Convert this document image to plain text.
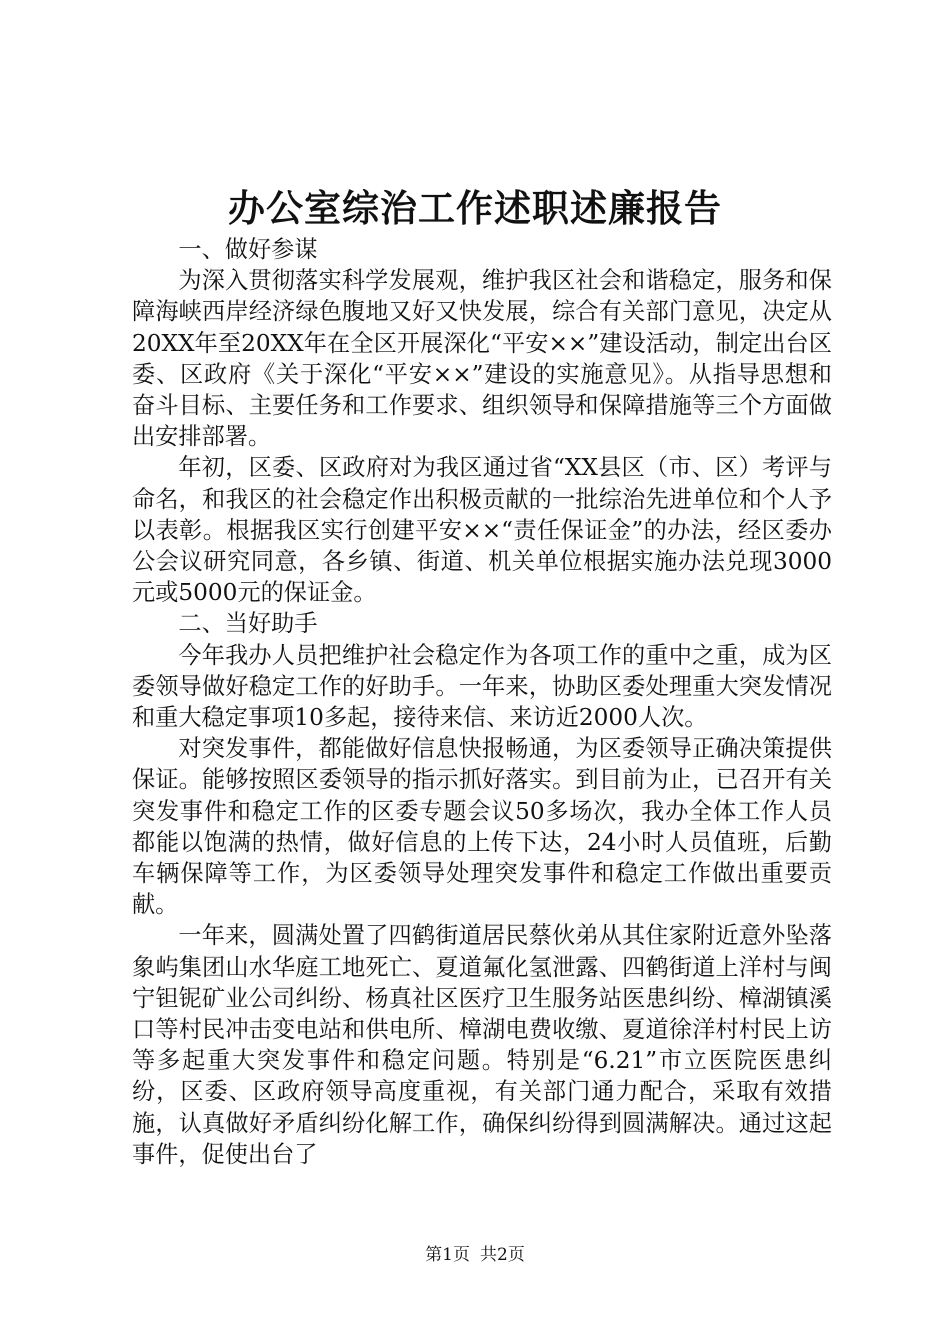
办公室综治工作述职述廉报告

一、做好参谋

为深入贯彻落实科学发展观，维护我区社会和谐稳定，服务和保障海峡西岸经济绿色腹地又好又快发展，综合有关部门意见，决定从20XX年至20XX年在全区开展深化“平安××”建设活动，制定出台区委、区政府《关于深化“平安××”建设的实施意见》。从指导思想和奋斗目标、主要任务和工作要求、组织领导和保障措施等三个方面做出安排部署。

年初，区委、区政府对为我区通过省“XX县区（市、区）考评与命名，和我区的社会稳定作出积极贡献的一批综治先进单位和个人予以表彰。根据我区实行创建平安××“责任保证金”的办法，经区委办公会议研究同意，各乡镇、街道、机关单位根据实施办法兑现3000元或5000元的保证金。

二、当好助手

今年我办人员把维护社会稳定作为各项工作的重中之重，成为区委领导做好稳定工作的好助手。一年来，协助区委处理重大突发情况和重大稳定事项10多起，接待来信、来访近2000人次。

对突发事件，都能做好信息快报畅通，为区委领导正确决策提供保证。能够按照区委领导的指示抓好落实。到目前为止，已召开有关突发事件和稳定工作的区委专题会议50多场次，我办全体工作人员都能以饱满的热情，做好信息的上传下达，24小时人员值班，后勤车辆保障等工作，为区委领导处理突发事件和稳定工作做出重要贡献。

一年来，圆满处置了四鹤街道居民蔡伙弟从其住家附近意外坠落象屿集团山水华庭工地死亡、夏道氟化氢泄露、四鹤街道上洋村与闽宁钽铌矿业公司纠纷、杨真社区医疗卫生服务站医患纠纷、樟湖镇溪口等村民冲击变电站和供电所、樟湖电费收缴、夏道徐洋村村民上访等多起重大突发事件和稳定问题。特别是“6.21”市立医院医患纠纷，区委、区政府领导高度重视，有关部门通力配合，采取有效措施，认真做好矛盾纠纷化解工作，确保纠纷得到圆满解决。通过这起事件，促使出台了

第1页 共2页
